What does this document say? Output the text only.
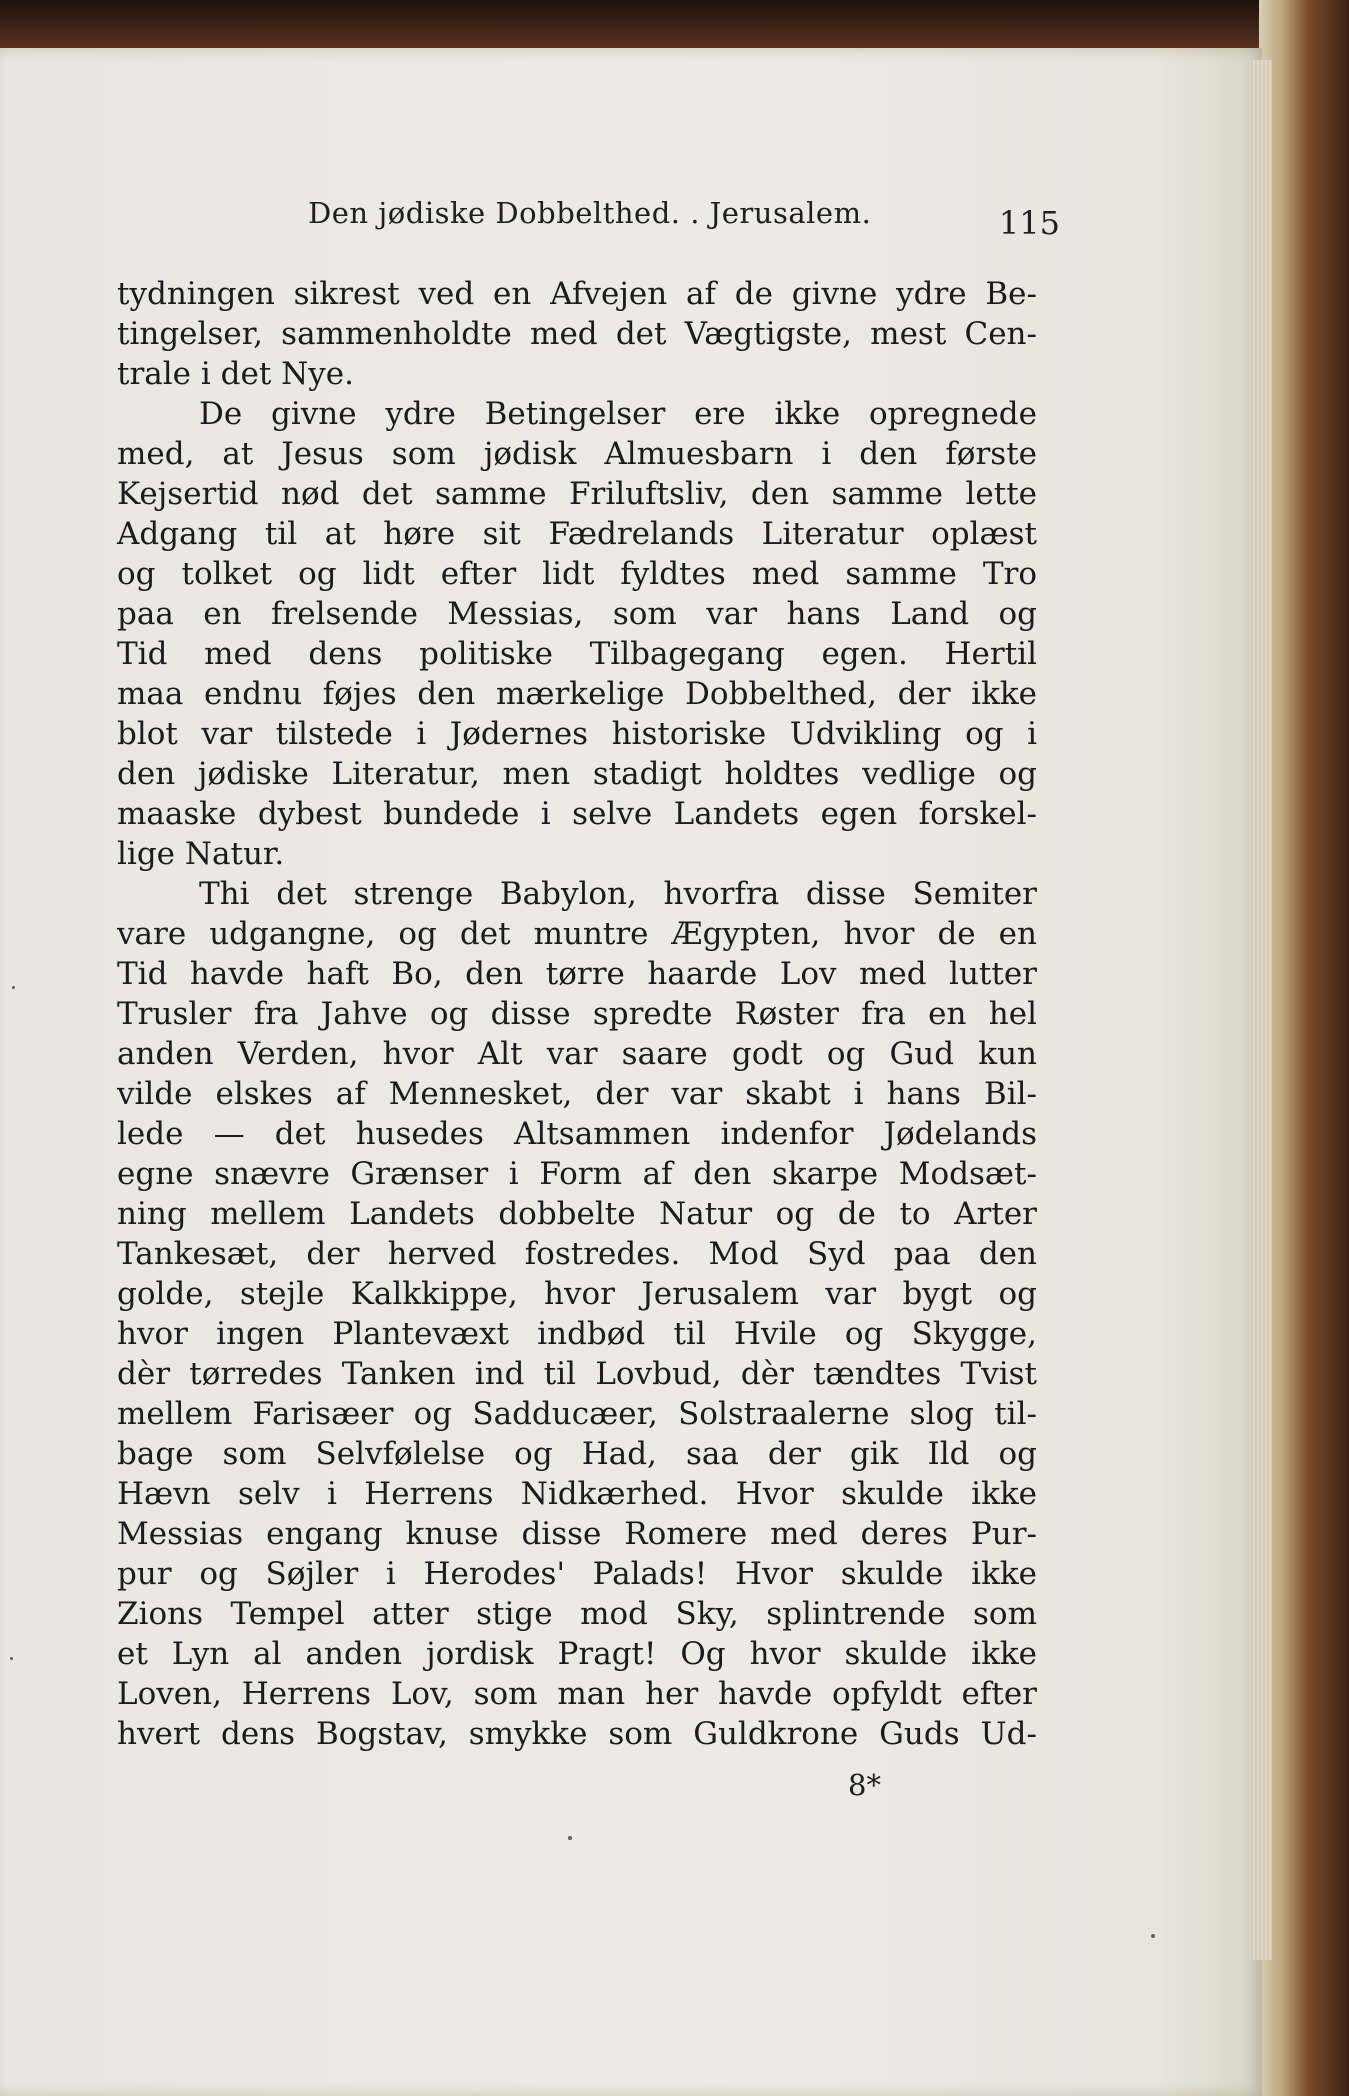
Den jødiske Dobbelthed. . Jerusalem.	115
tydningen sikrest ved en Afvejen af de givne ydre Be-
tingelser, sammenholdte med det Vægtigste, mest Cen-
trale i det Nye.
De givne ydre Betingelser ere ikke opregnede
med, at Jesus som jødisk Almuesbarn i den første
Kejsertid nød det samme Friluftsliv, den samme lette
Adgang til at høre sit Fædrelands Literatur oplæst
og tolket og lidt efter lidt fyldtes med samme Tro
paa en frelsende Messias, som var hans Land og
Tid med dens politiske Tilbagegang egen. Hertil
maa endnu føjes den mærkelige Dobbelthed, der ikke
blot var tilstede i Jødernes historiske Udvikling og i
den jødiske Literatur, men stadigt holdtes vedlige og
maaske dybest bundede i selve Landets egen forskel-
lige Natur.
Thi det strenge Babylon, hvorfra disse Semiter
vare udgangne, og det muntre Ægypten, hvor de en
Tid havde haft Bo, den tørre haarde Lov med lutter
Trusler fra Jahve og disse spredte Røster fra en hel
anden Verden, hvor Alt var saare godt og Gud kun
vilde elskes af Mennesket, der var skabt i hans Bil-
lede — det husedes Altsammen indenfor Jødelands
egne snævre Grænser i Form af den skarpe Modsæt-
ning mellem Landets dobbelte Natur og de to Arter
Tankesæt, der herved fostredes. Mod Syd paa den
golde, stejle Kalkkippe, hvor Jerusalem var bygt og
hvor ingen Plantevæxt indbød til Hvile og Skygge,
dèr tørredes Tanken ind til Lovbud, dèr tændtes Tvist
mellem Farisæer og Sadducæer, Solstraalerne slog til-
bage som Selvfølelse og Had, saa der gik Ild og
Hævn selv i Herrens Nidkærhed. Hvor skulde ikke
Messias engang knuse disse Romere med deres Pur-
pur og Søjler i Herodes' Palads! Hvor skulde ikke
Zions Tempel atter stige mod Sky, splintrende som
et Lyn al anden jordisk Pragt! Og hvor skulde ikke
Loven, Herrens Lov, som man her havde opfyldt efter
hvert dens Bogstav, smykke som Guldkrone Guds Ud-
8*
